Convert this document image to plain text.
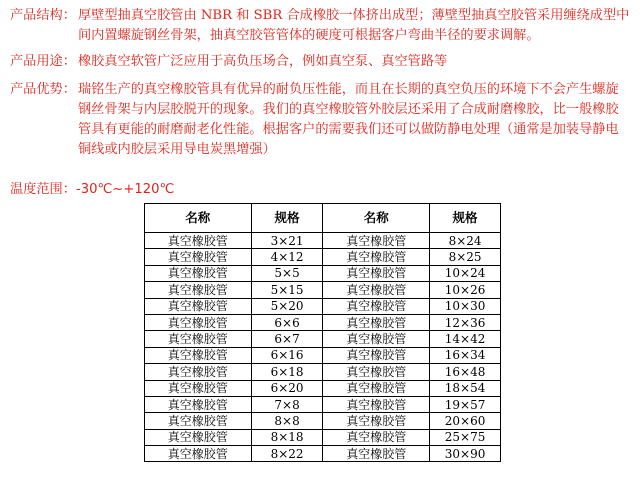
产品结构： 厚壁型抽真空胶管由 NBR 和 SBR 合成橡胶一体挤出成型；薄壁型抽真空胶管采用缠绕成型中间内置螺旋钢丝骨架，抽真空胶管管体的硬度可根据客户弯曲半径的要求调解。
产品用途： 橡胶真空软管广泛应用于高负压场合，例如真空泵、真空管路等
产品优势： 瑞铭生产的真空橡胶管具有优异的耐负压性能，而且在长期的真空负压的环境下不会产生螺旋钢丝骨架与内层胶脱开的现象。我们的真空橡胶管外胶层还采用了合成耐磨橡胶，比一般橡胶管具有更能的耐磨耐老化性能。根据客户的需要我们还可以做防静电处理（通常是加装导静电铜线或内胶层采用导电炭黑增强）
温度范围：-30℃~+120℃
名称	规格	名称	规格
真空橡胶管	3×21	真空橡胶管	8×24
真空橡胶管	4×12	真空橡胶管	8×25
真空橡胶管	5×5	真空橡胶管	10×24
真空橡胶管	5×15	真空橡胶管	10×26
真空橡胶管	5×20	真空橡胶管	10×30
真空橡胶管	6×6	真空橡胶管	12×36
真空橡胶管	6×7	真空橡胶管	14×42
真空橡胶管	6×16	真空橡胶管	16×34
真空橡胶管	6×18	真空橡胶管	16×48
真空橡胶管	6×20	真空橡胶管	18×54
真空橡胶管	7×8	真空橡胶管	19×57
真空橡胶管	8×8	真空橡胶管	20×60
真空橡胶管	8×18	真空橡胶管	25×75
真空橡胶管	8×22	真空橡胶管	30×90
